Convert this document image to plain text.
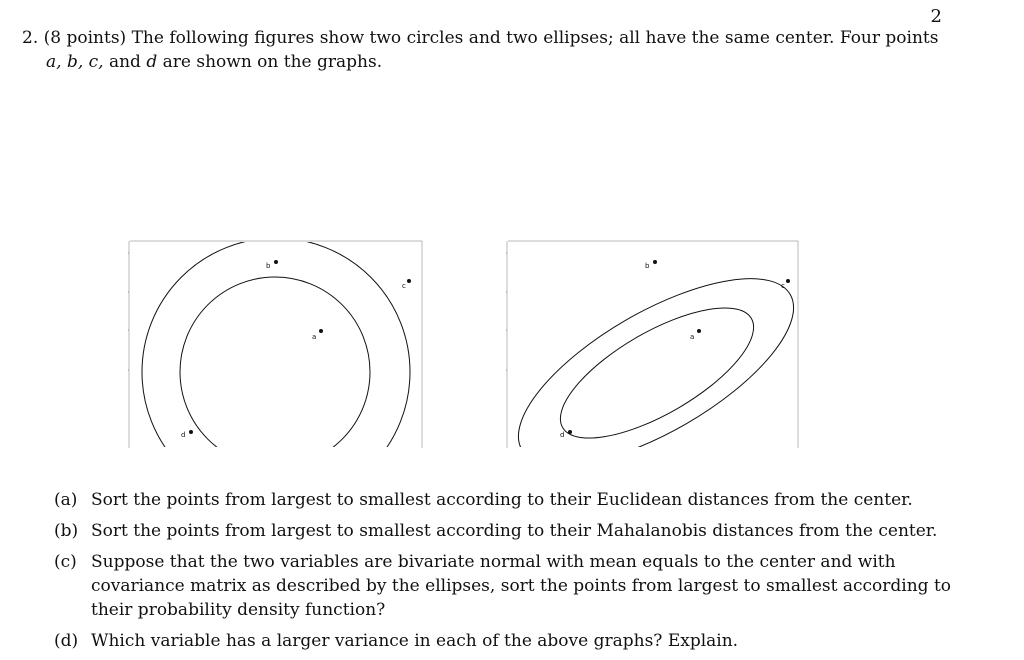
2
2. (8 points) The following figures show two circles and two ellipses; all have the same center. Four points
a, b, c, and d are shown on the graphs.
b
c
a
d
b
c
a
d
(a) Sort the points from largest to smallest according to their Euclidean distances from the center.
(b) Sort the points from largest to smallest according to their Mahalanobis distances from the center.
(c) Suppose that the two variables are bivariate normal with mean equals to the center and with covariance matrix as described by the ellipses, sort the points from largest to smallest according to their probability density function?
(d) Which variable has a larger variance in each of the above graphs? Explain.
